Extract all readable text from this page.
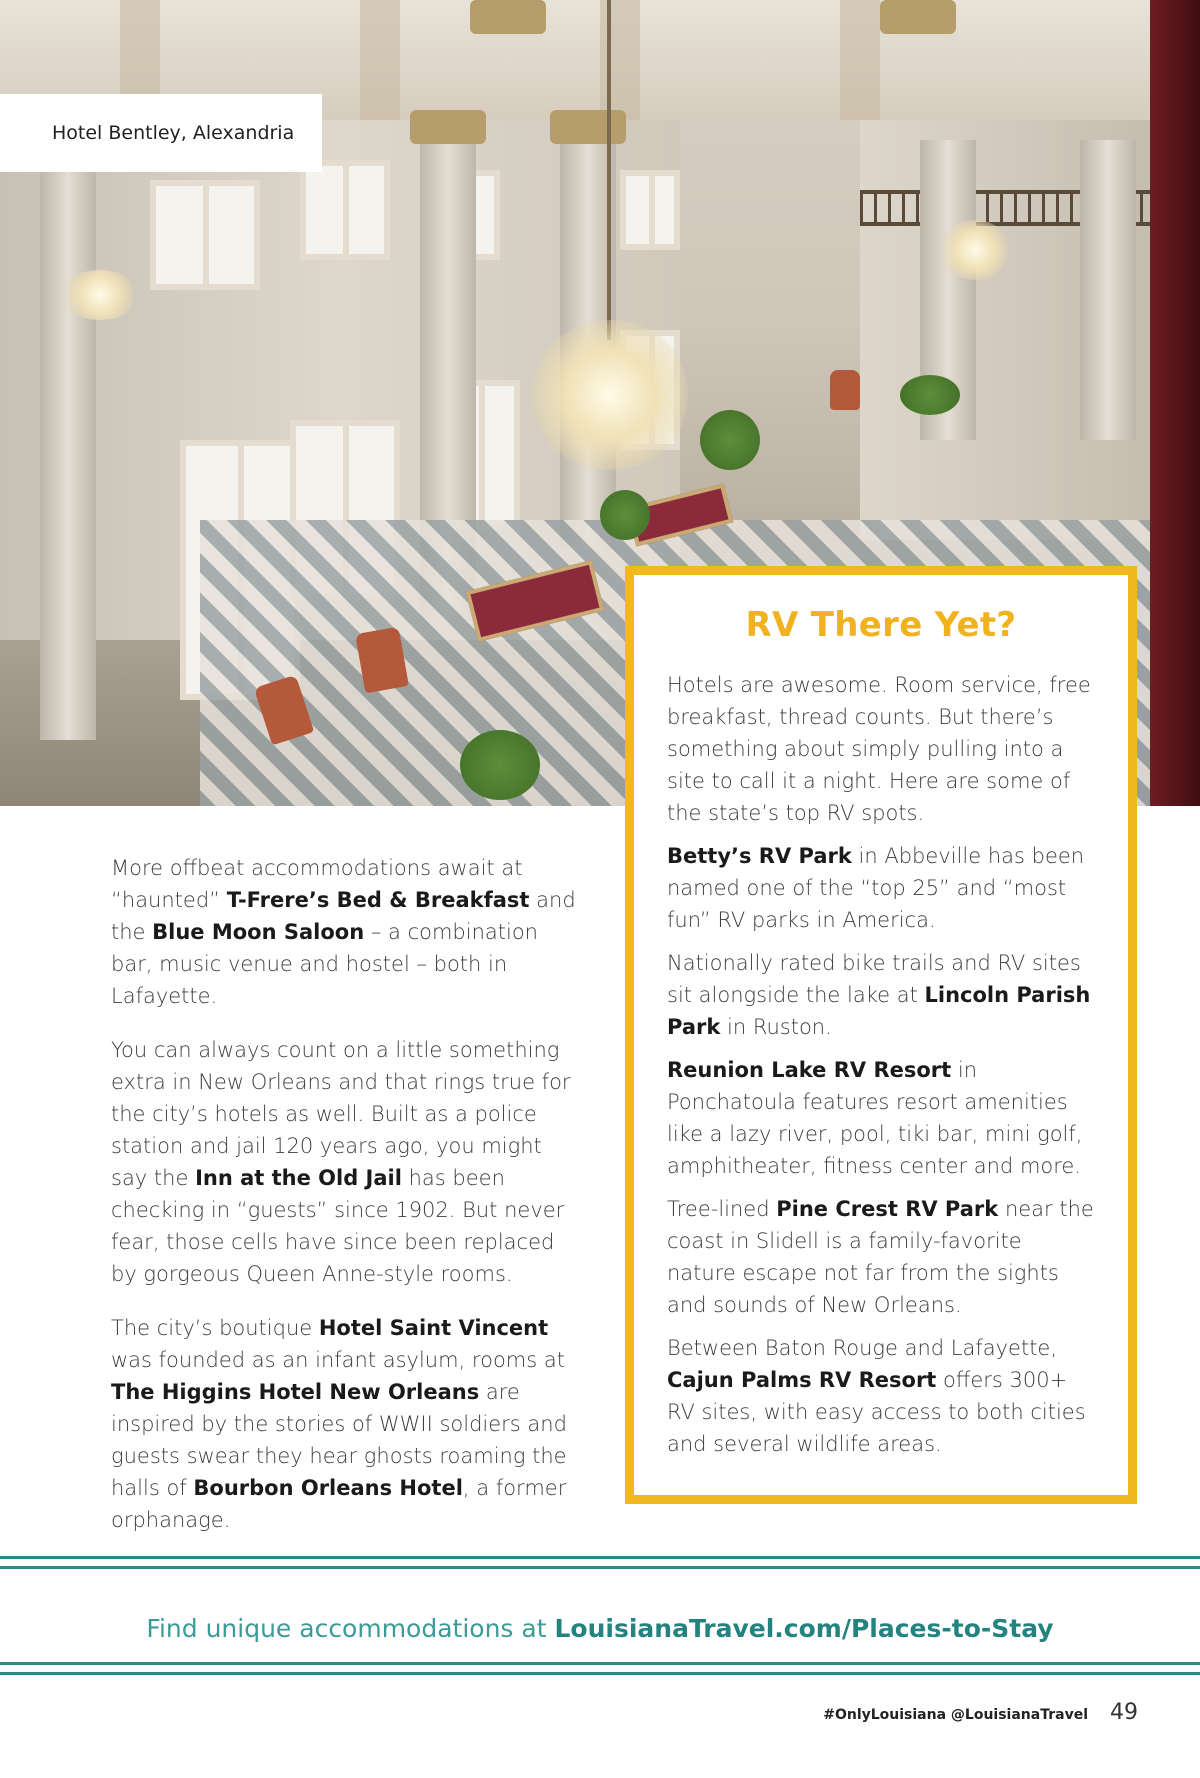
Hotel Bentley, Alexandria

More offbeat accommodations await at “haunted” T-Frere’s Bed & Breakfast and the Blue Moon Saloon – a combination bar, music venue and hostel – both in Lafayette.

You can always count on a little something extra in New Orleans and that rings true for the city’s hotels as well. Built as a police station and jail 120 years ago, you might say the Inn at the Old Jail has been checking in “guests” since 1902. But never fear, those cells have since been replaced by gorgeous Queen Anne-style rooms.

The city’s boutique Hotel Saint Vincent was founded as an infant asylum, rooms at The Higgins Hotel New Orleans are inspired by the stories of WWII soldiers and guests swear they hear ghosts roaming the halls of Bourbon Orleans Hotel, a former orphanage.

RV There Yet?

Hotels are awesome. Room service, free breakfast, thread counts. But there’s something about simply pulling into a site to call it a night. Here are some of the state’s top RV spots.

Betty’s RV Park in Abbeville has been named one of the “top 25” and “most fun” RV parks in America.

Nationally rated bike trails and RV sites sit alongside the lake at Lincoln Parish Park in Ruston.

Reunion Lake RV Resort in Ponchatoula features resort amenities like a lazy river, pool, tiki bar, mini golf, amphitheater, fitness center and more.

Tree-lined Pine Crest RV Park near the coast in Slidell is a family-favorite nature escape not far from the sights and sounds of New Orleans.

Between Baton Rouge and Lafayette, Cajun Palms RV Resort offers 300+ RV sites, with easy access to both cities and several wildlife areas.

Find unique accommodations at LouisianaTravel.com/Places-to-Stay
#OnlyLouisiana @LouisianaTravel 49
